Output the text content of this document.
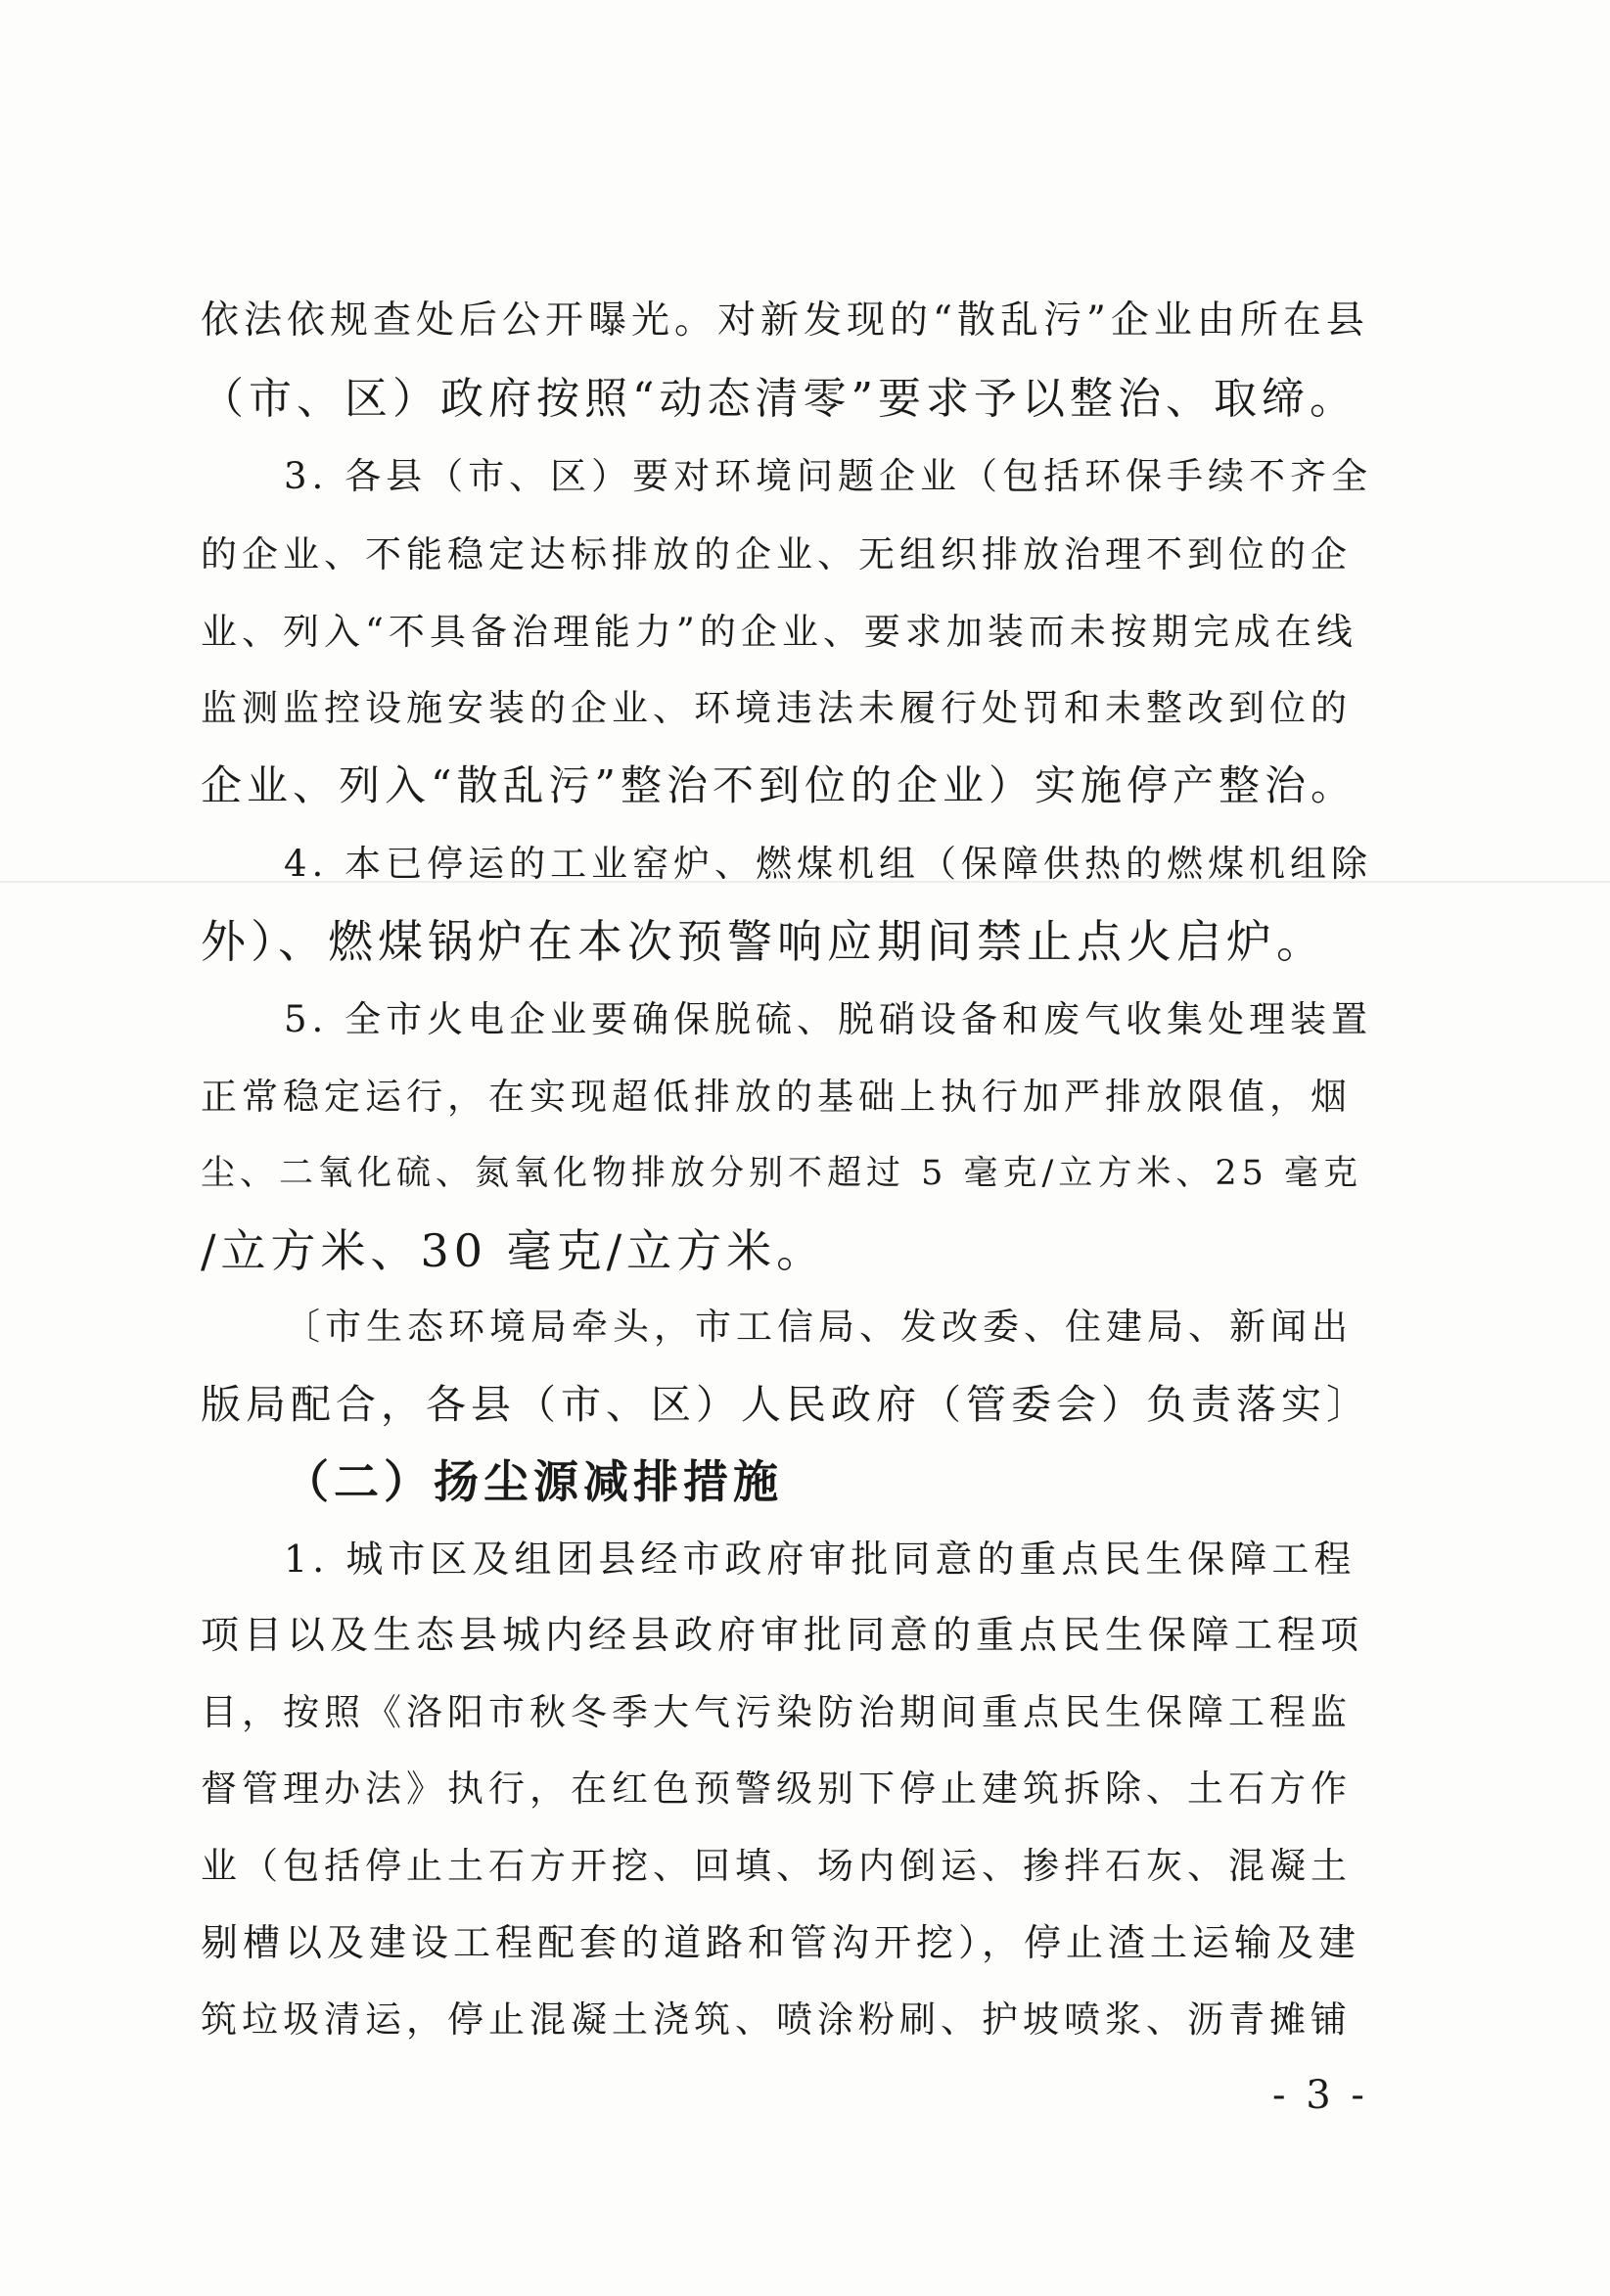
依法依规查处后公开曝光。对新发现的“散乱污”企业由所在县
（市、区）政府按照“动态清零”要求予以整治、取缔。
3. 各县（市、区）要对环境问题企业（包括环保手续不齐全
的企业、不能稳定达标排放的企业、无组织排放治理不到位的企
业、列入“不具备治理能力”的企业、要求加装而未按期完成在线
监测监控设施安装的企业、环境违法未履行处罚和未整改到位的
企业、列入“散乱污”整治不到位的企业）实施停产整治。
4. 本已停运的工业窑炉、燃煤机组（保障供热的燃煤机组除
外）、燃煤锅炉在本次预警响应期间禁止点火启炉。
5. 全市火电企业要确保脱硫、脱硝设备和废气收集处理装置
正常稳定运行，在实现超低排放的基础上执行加严排放限值，烟
尘、二氧化硫、氮氧化物排放分别不超过 5 毫克/立方米、25 毫克
/立方米、30 毫克/立方米。
〔市生态环境局牵头，市工信局、发改委、住建局、新闻出
版局配合，各县（市、区）人民政府（管委会）负责落实〕
（二）扬尘源减排措施
1. 城市区及组团县经市政府审批同意的重点民生保障工程
项目以及生态县城内经县政府审批同意的重点民生保障工程项
目，按照《洛阳市秋冬季大气污染防治期间重点民生保障工程监
督管理办法》执行，在红色预警级别下停止建筑拆除、土石方作
业（包括停止土石方开挖、回填、场内倒运、掺拌石灰、混凝土
剔槽以及建设工程配套的道路和管沟开挖），停止渣土运输及建
筑垃圾清运，停止混凝土浇筑、喷涂粉刷、护坡喷浆、沥青摊铺
- 3 -
